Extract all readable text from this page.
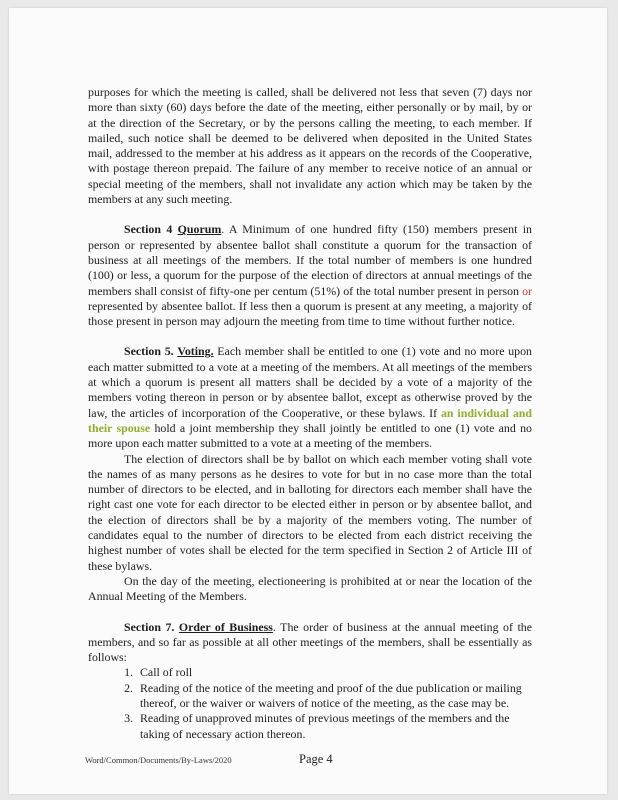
purposes for which the meeting is called, shall be delivered not less that seven (7) days nor more than sixty (60) days before the date of the meeting, either personally or by mail, by or at the direction of the Secretary, or by the persons calling the meeting, to each member. If mailed, such notice shall be deemed to be delivered when deposited in the United States mail, addressed to the member at his address as it appears on the records of the Cooperative, with postage thereon prepaid. The failure of any member to receive notice of an annual or special meeting of the members, shall not invalidate any action which may be taken by the members at any such meeting.

Section 4 Quorum. A Minimum of one hundred fifty (150) members present in person or represented by absentee ballot shall constitute a quorum for the transaction of business at all meetings of the members. If the total number of members is one hundred (100) or less, a quorum for the purpose of the election of directors at annual meetings of the members shall consist of fifty-one per centum (51%) of the total number present in person or represented by absentee ballot. If less then a quorum is present at any meeting, a majority of those present in person may adjourn the meeting from time to time without further notice.

Section 5. Voting. Each member shall be entitled to one (1) vote and no more upon each matter submitted to a vote at a meeting of the members. At all meetings of the members at which a quorum is present all matters shall be decided by a vote of a majority of the members voting thereon in person or by absentee ballot, except as otherwise proved by the law, the articles of incorporation of the Cooperative, or these bylaws. If an individual and their spouse hold a joint membership they shall jointly be entitled to one (1) vote and no more upon each matter submitted to a vote at a meeting of the members.

The election of directors shall be by ballot on which each member voting shall vote the names of as many persons as he desires to vote for but in no case more than the total number of directors to be elected, and in balloting for directors each member shall have the right cast one vote for each director to be elected either in person or by absentee ballot, and the election of directors shall be by a majority of the members voting. The number of candidates equal to the number of directors to be elected from each district receiving the highest number of votes shall be elected for the term specified in Section 2 of Article III of these bylaws.

On the day of the meeting, electioneering is prohibited at or near the location of the Annual Meeting of the Members.

Section 7. Order of Business. The order of business at the annual meeting of the members, and so far as possible at all other meetings of the members, shall be essentially as follows:

1. Call of roll
2. Reading of the notice of the meeting and proof of the due publication or mailing thereof, or the waiver or waivers of notice of the meeting, as the case may be.
3. Reading of unapproved minutes of previous meetings of the members and the taking of necessary action thereon.
Word/Common/Documents/By-Laws/2020	Page 4
